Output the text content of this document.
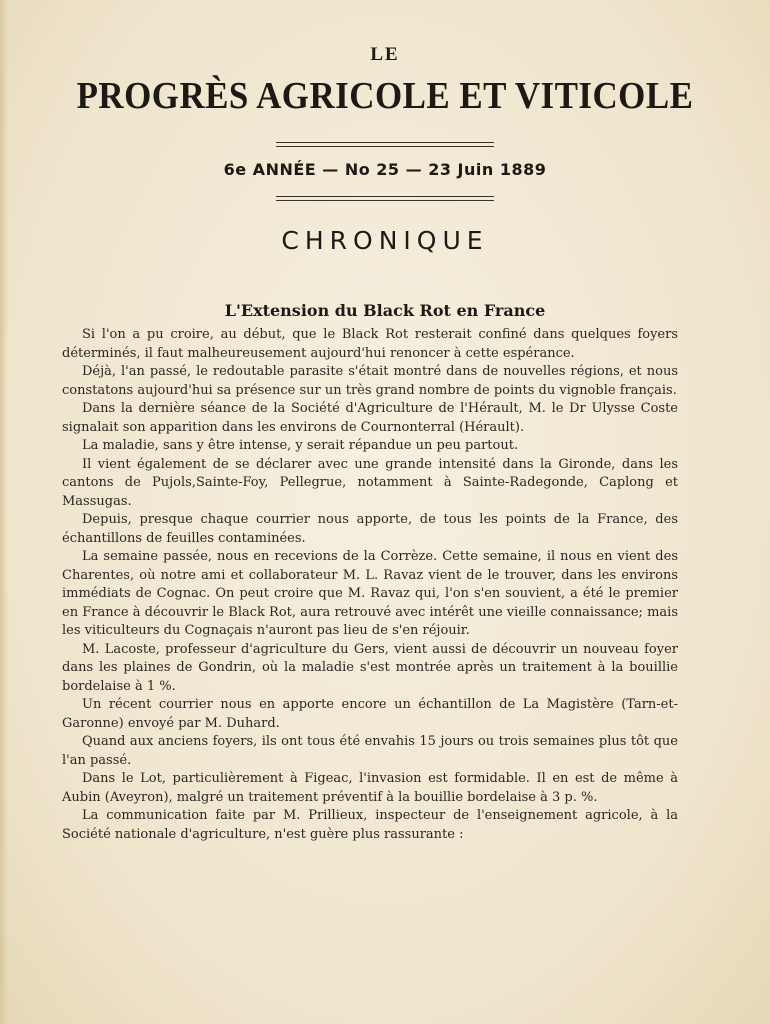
LE
PROGRÈS AGRICOLE ET VITICOLE
6e ANNÉE — No 25 — 23 Juin 1889
CHRONIQUE
L'Extension du Black Rot en France

Si l'on a pu croire, au début, que le Black Rot resterait confiné dans quelques foyers déterminés, il faut malheureusement aujourd'hui renoncer à cette espérance.

Déjà, l'an passé, le redoutable parasite s'était montré dans de nouvelles régions, et nous constatons aujourd'hui sa présence sur un très grand nombre de points du vignoble français.

Dans la dernière séance de la Société d'Agriculture de l'Hérault, M. le Dr Ulysse Coste signalait son apparition dans les environs de Cournonterral (Hérault).

La maladie, sans y être intense, y serait répandue un peu partout.

Il vient également de se déclarer avec une grande intensité dans la Gironde, dans les cantons de Pujols,Sainte-Foy, Pellegrue, notamment à Sainte-Radegonde, Caplong et Massugas.

Depuis, presque chaque courrier nous apporte, de tous les points de la France, des échantillons de feuilles contaminées.

La semaine passée, nous en recevions de la Corrèze. Cette semaine, il nous en vient des Charentes, où notre ami et collaborateur M. L. Ravaz vient de le trouver, dans les environs immédiats de Cognac. On peut croire que M. Ravaz qui, l'on s'en souvient, a été le premier en France à découvrir le Black Rot, aura retrouvé avec intérêt une vieille connaissance; mais les viticulteurs du Cognaçais n'auront pas lieu de s'en réjouir.

M. Lacoste, professeur d'agriculture du Gers, vient aussi de découvrir un nouveau foyer dans les plaines de Gondrin, où la maladie s'est montrée après un traitement à la bouillie bordelaise à 1 %.

Un récent courrier nous en apporte encore un échantillon de La Magistère (Tarn-et-Garonne) envoyé par M. Duhard.

Quand aux anciens foyers, ils ont tous été envahis 15 jours ou trois semaines plus tôt que l'an passé.

Dans le Lot, particulièrement à Figeac, l'invasion est formidable. Il en est de même à Aubin (Aveyron), malgré un traitement préventif à la bouillie bordelaise à 3 p. %.

La communication faite par M. Prillieux, inspecteur de l'enseignement agricole, à la Société nationale d'agriculture, n'est guère plus rassurante :
